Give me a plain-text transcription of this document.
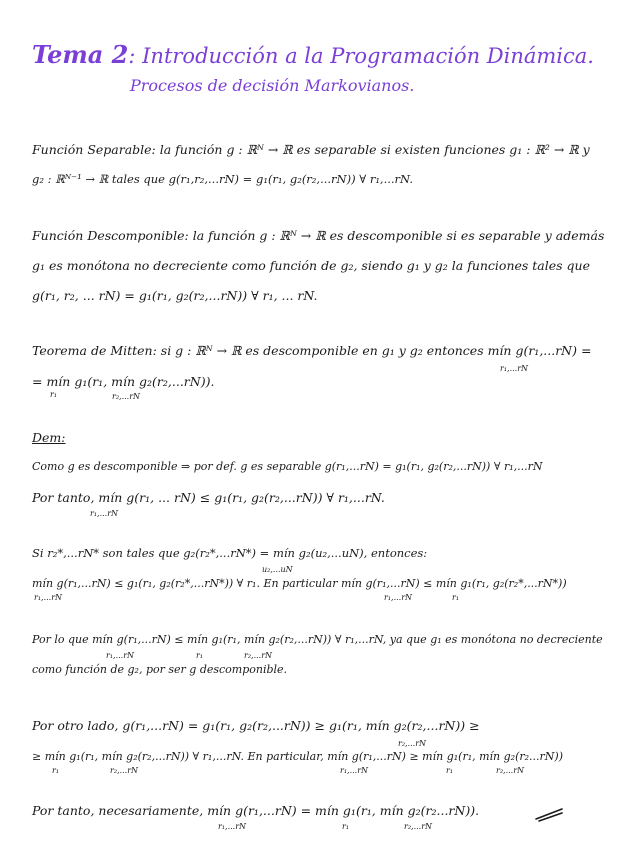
Tema 2: Introducción a la Programación Dinámica.
Procesos de decisión Markovianos.
Función Separable: la función g : ℝᴺ → ℝ es separable si existen funciones g₁ : ℝ² → ℝ y
g₂ : ℝᴺ⁻¹ → ℝ tales que g(r₁,r₂,...rN) = g₁(r₁, g₂(r₂,...rN)) ∀ r₁,...rN.
Función Descomponible: la función g : ℝᴺ → ℝ es descomponible si es separable y además
g₁ es monótona no decreciente como función de g₂, siendo g₁ y g₂ la funciones tales que
g(r₁, r₂, ... rN) = g₁(r₁, g₂(r₂,...rN)) ∀ r₁, ... rN.
Teorema de Mitten: si g : ℝᴺ → ℝ es descomponible en g₁ y g₂ entonces mín g(r₁,...rN) =
r₁,...rN
= mín g₁(r₁, mín g₂(r₂,...rN)).
r₁	r₂,...rN
Dem:
Como g es descomponible ⇒ por def. g es separable g(r₁,...rN) = g₁(r₁, g₂(r₂,...rN)) ∀ r₁,...rN
Por tanto, mín g(r₁, ... rN) ≤ g₁(r₁, g₂(r₂,...rN)) ∀ r₁,...rN.
r₁,...rN
Si r₂*,...rN* son tales que g₂(r₂*,...rN*) = mín g₂(u₂,...uN), entonces:
u₂,...uN
mín g(r₁,...rN) ≤ g₁(r₁, g₂(r₂*,...rN*)) ∀ r₁. En particular mín g(r₁,...rN) ≤ mín g₁(r₁, g₂(r₂*,...rN*))
r₁,...rN	r₁,...rN	r₁
Por lo que mín g(r₁,...rN) ≤ mín g₁(r₁, mín g₂(r₂,...rN)) ∀ r₁,...rN, ya que g₁ es monótona no decreciente
r₁,...rN	r₁	r₂,...rN
como función de g₂, por ser g descomponible.
Por otro lado, g(r₁,...rN) = g₁(r₁, g₂(r₂,...rN)) ≥ g₁(r₁, mín g₂(r₂,...rN)) ≥
r₂,...rN
≥ mín g₁(r₁, mín g₂(r₂,...rN)) ∀ r₁,...rN. En particular, mín g(r₁,...rN) ≥ mín g₁(r₁, mín g₂(r₂...rN))
r₁	r₂,...rN	r₁,...rN	r₁	r₂,...rN
Por tanto, necesariamente, mín g(r₁,...rN) = mín g₁(r₁, mín g₂(r₂...rN)).
r₁,...rN	r₁	r₂,...rN
